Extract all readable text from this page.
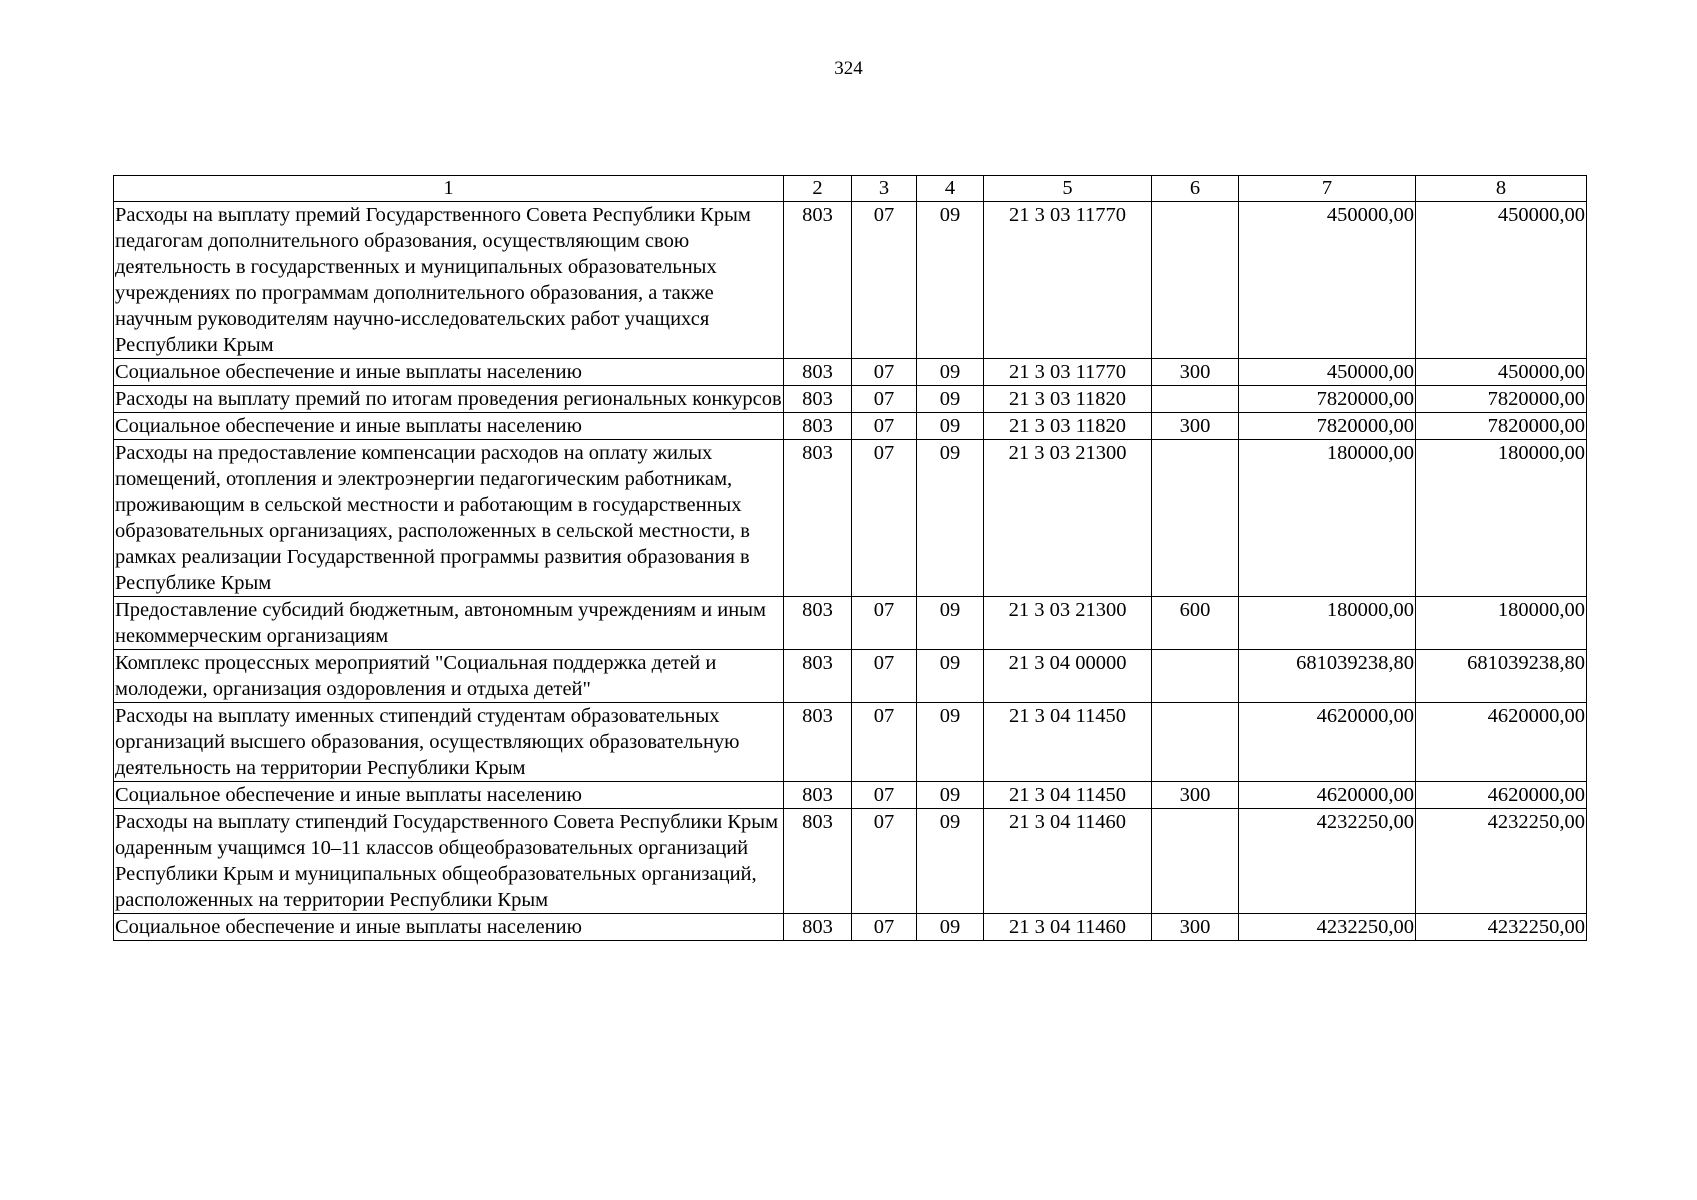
324
1	2	3	4	5	6	7	8
Расходы на выплату премий Государственного Совета Республики Крым педагогам дополнительного образования, осуществляющим свою деятельность в государственных и муниципальных образовательных учреждениях по программам дополнительного образования, а также научным руководителям научно-исследовательских работ учащихся Республики Крым	803	07	09	21 3 03 11770		450000,00	450000,00
Социальное обеспечение и иные выплаты населению	803	07	09	21 3 03 11770	300	450000,00	450000,00
Расходы на выплату премий по итогам проведения региональных конкурсов	803	07	09	21 3 03 11820		7820000,00	7820000,00
Социальное обеспечение и иные выплаты населению	803	07	09	21 3 03 11820	300	7820000,00	7820000,00
Расходы на предоставление компенсации расходов на оплату жилых помещений, отопления и электроэнергии педагогическим работникам, проживающим в сельской местности и работающим в государственных образовательных организациях, расположенных в сельской местности, в рамках реализации Государственной программы развития образования в Республике Крым	803	07	09	21 3 03 21300		180000,00	180000,00
Предоставление субсидий бюджетным, автономным учреждениям и иным некоммерческим организациям	803	07	09	21 3 03 21300	600	180000,00	180000,00
Комплекс процессных мероприятий "Социальная поддержка детей и молодежи, организация оздоровления и отдыха детей"	803	07	09	21 3 04 00000		681039238,80	681039238,80
Расходы на выплату именных стипендий студентам образовательных организаций высшего образования, осуществляющих образовательную деятельность на территории Республики Крым	803	07	09	21 3 04 11450		4620000,00	4620000,00
Социальное обеспечение и иные выплаты населению	803	07	09	21 3 04 11450	300	4620000,00	4620000,00
Расходы на выплату стипендий Государственного Совета Республики Крым одаренным учащимся 10–11 классов общеобразовательных организаций Республики Крым и муниципальных общеобразовательных организаций, расположенных на территории Республики Крым	803	07	09	21 3 04 11460		4232250,00	4232250,00
Социальное обеспечение и иные выплаты населению	803	07	09	21 3 04 11460	300	4232250,00	4232250,00
